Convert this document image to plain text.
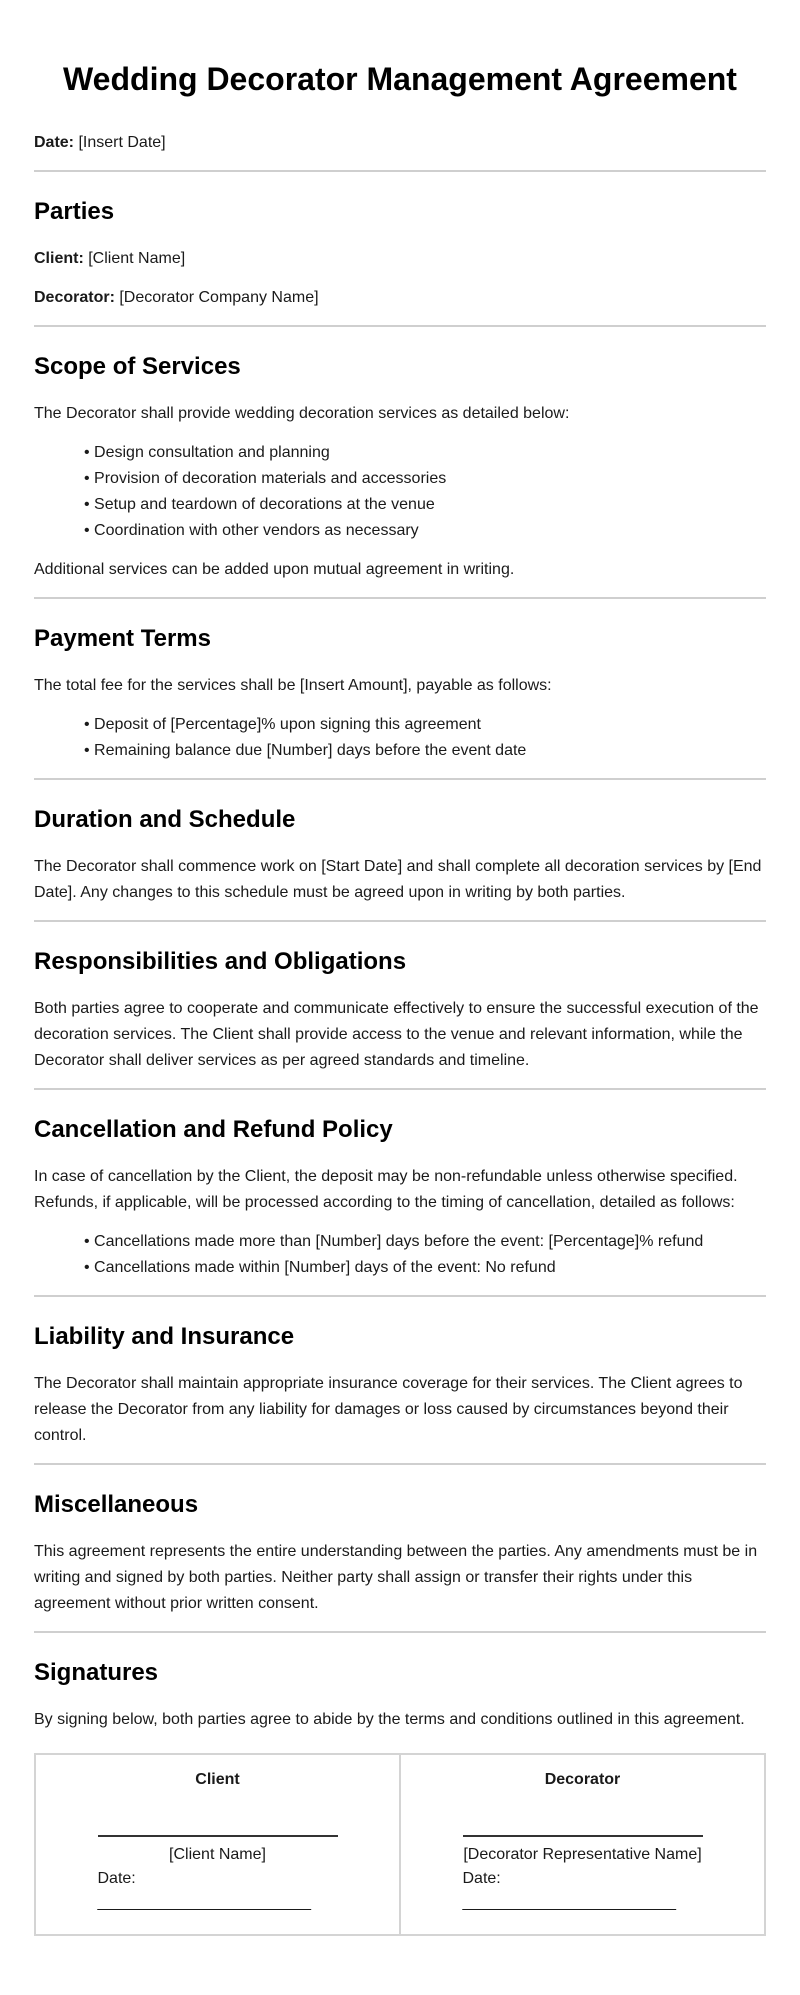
Wedding Decorator Management Agreement

Date: [Insert Date]

Parties

Client: [Client Name]

Decorator: [Decorator Company Name]

Scope of Services

The Decorator shall provide wedding decoration services as detailed below:

• Design consultation and planning
• Provision of decoration materials and accessories
• Setup and teardown of decorations at the venue
• Coordination with other vendors as necessary

Additional services can be added upon mutual agreement in writing.

Payment Terms

The total fee for the services shall be [Insert Amount], payable as follows:

• Deposit of [Percentage]% upon signing this agreement
• Remaining balance due [Number] days before the event date
Duration and Schedule

The Decorator shall commence work on [Start Date] and shall complete all decoration services by [End Date]. Any changes to this schedule must be agreed upon in writing by both parties.

Responsibilities and Obligations

Both parties agree to cooperate and communicate effectively to ensure the successful execution of the decoration services. The Client shall provide access to the venue and relevant information, while the Decorator shall deliver services as per agreed standards and timeline.

Cancellation and Refund Policy

In case of cancellation by the Client, the deposit may be non-refundable unless otherwise specified. Refunds, if applicable, will be processed according to the timing of cancellation, detailed as follows:

• Cancellations made more than [Number] days before the event: [Percentage]% refund
• Cancellations made within [Number] days of the event: No refund
Liability and Insurance

The Decorator shall maintain appropriate insurance coverage for their services. The Client agrees to release the Decorator from any liability for damages or loss caused by circumstances beyond their control.

Miscellaneous

This agreement represents the entire understanding between the parties. Any amendments must be in writing and signed by both parties. Neither party shall assign or transfer their rights under this agreement without prior written consent.

Signatures

By signing below, both parties agree to abide by the terms and conditions outlined in this agreement.

Client
[Client Name]
Date: ________________________
Decorator
[Decorator Representative Name]
Date: ________________________
